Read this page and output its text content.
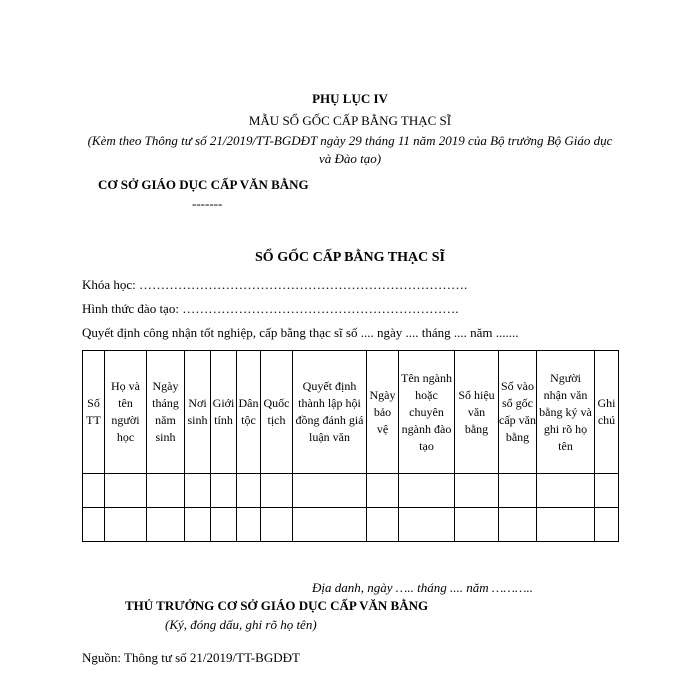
PHỤ LỤC IV
MẪU SỔ GỐC CẤP BẰNG THẠC SĨ
(Kèm theo Thông tư số 21/2019/TT-BGDĐT ngày 29 tháng 11 năm 2019 của Bộ trưởng Bộ Giáo dục và Đào tạo)
CƠ SỞ GIÁO DỤC CẤP VĂN BẰNG
-------
SỔ GỐC CẤP BẰNG THẠC SĨ
Khóa học: ………………………………………………………………….
Hình thức đào tạo: ……………………………………………………….
Quyết định công nhận tốt nghiệp, cấp bằng thạc sĩ số .... ngày .... tháng .... năm .......
Số TT	Họ và tên người học	Ngày tháng năm sinh	Nơi sinh	Giới tính	Dân tộc	Quốc tịch	Quyết định thành lập hội đồng đánh giá luận văn	Ngày bảo vệ	Tên ngành hoặc chuyên ngành đào tạo	Số hiệu văn bằng	Số vào sổ gốc cấp văn bằng	Người nhận văn bằng ký và ghi rõ họ tên	Ghi chú

Địa danh, ngày ….. tháng .... năm ………..
THỦ TRƯỞNG CƠ SỞ GIÁO DỤC CẤP VĂN BẰNG
(Ký, đóng dấu, ghi rõ họ tên)
Nguồn: Thông tư số 21/2019/TT-BGDĐT
